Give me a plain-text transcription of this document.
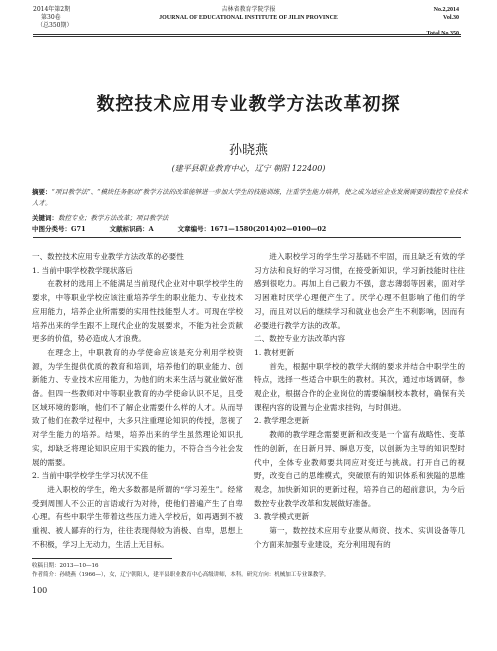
2014年第2期
第30卷
（总350期）
吉林省教育学院学报
JOURNAL OF EDUCATIONAL INSTITUTE OF JILIN PROVINCE
No.2,2014
Vol.30
Total No.350
数控技术应用专业教学方法改革初探
孙晓燕
(建平县职业教育中心，辽宁 朝阳 122400)
摘要：“项目教学法”、“模块任务驱动”教学方法的改革能够进一步加大学生的技能训练，注重学生能力培养，使之成为适应企业发展需要的数控专业技术人才。
关键词：数控专业；教学方法改革；项目教学法
中图分类号：G71	文献标识码：A	文章编号：1671—1580(2014)02—0100—02

一、数控技术应用专业教学方法改革的必要性

1. 当前中职学校教学现状落后

在教材的选用上不能满足当前现代企业对中职学校学生的要求，中等职业学校应该注重培养学生的职业能力、专业技术应用能力，培养企业所需要的实用性技能型人才。可现在学校培养出来的学生跟不上现代企业的发展要求，不能为社会贡献更多的价值，势必造成人才浪费。

在理念上，中职教育的办学使命应该是充分利用学校资源，为学生提供优质的教育和培训，培养他们的职业能力、创新能力、专业技术应用能力，为他们的未来生活与就业做好准备。但四一些教师对中等职业教育的办学使命认识不足，且受区域环境的影响，他们不了解企业需要什么样的人才。从而导致了他们在教学过程中，大多只注重理论知识的传授，忽视了对学生能力的培养。结果，培养出来的学生虽然理论知识扎实，却缺乏将理论知识应用于实践的能力，不符合当今社会发展的需要。

2. 当前中职学校学生学习状况不佳

进入职校的学生，绝大多数都是所谓的“学习差生”。经常受到周围人不公正的言语或行为对待，使他们普遍产生了自卑心理。有些中职学生带着这些压力进入学校后，如再遇到不被重视、被人鄙弃的行为，往往表现得较为消极、自卑，思想上不积极，学习上无动力，生活上无目标。

进入职校学习的学生学习基础不牢固，而且缺乏有效的学习方法和良好的学习习惯，在接受新知识，学习新技能时往往感到很吃力。再加上自己毅力不强，意志薄弱等因素，面对学习困难时厌学心理便产生了。厌学心理不但影响了他们的学习，而且对以后的继续学习和就业也会产生不利影响，因而有必要进行教学方法的改革。

二、数控专业方法改革内容

1. 教材更新

首先，根据中职学校的教学大纲的要求并结合中职学生的特点，选择一些适合中职生的教材。其次，通过市场调研，参观企业，根据合作的企业岗位的需要编制校本教材，确保有关课程内容的设置与企业需求挂钩，与时俱进。

2. 教学理念更新

教师的教学理念需要更新和改变是一个富有战略性、变革性的创新，在日新月异、瞬息万变，以创新为主导的知识型时代中，全体专业教师要共同应对变迁与挑战。打开自己的视野，改变自己的思维模式，突破原有的知识体系和狭隘的思维观念，加快新知识的更新过程，培养自己的超前意识，为今后数控专业教学改革和发展做好准备。

3. 教学模式更新

第一，数控技术应用专业要从师资、技术、实训设备等几个方面来加强专业建设，充分利用现有的

收稿日期：2013—10—16
作者简介：孙晓燕（1966—），女，辽宁朝阳人，建平县职业教育中心高级讲师，本科。研究方向：机械加工专业课教学。
100
